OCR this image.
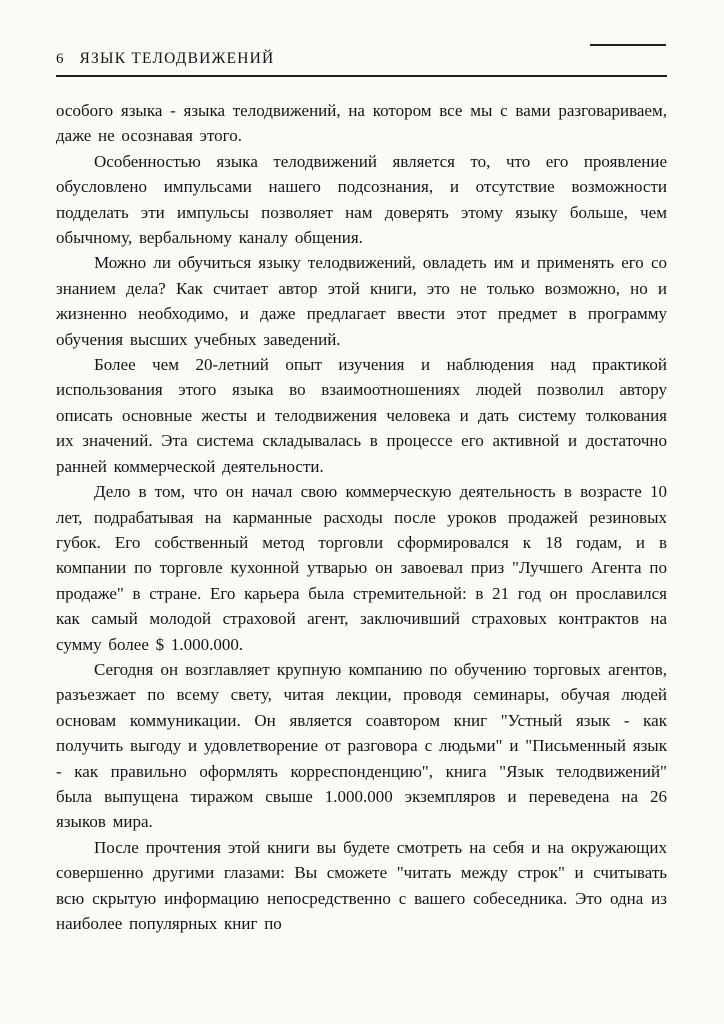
6 ЯЗЫК ТЕЛОДВИЖЕНИЙ

особого языка - языка телодвижений, на котором все мы с вами разговариваем, даже не осознавая этого.

Особенностью языка телодвижений является то, что его проявление обусловлено импульсами нашего подсознания, и отсутствие возможности подделать эти импульсы позволяет нам доверять этому языку больше, чем обычному, вербальному каналу общения.

Можно ли обучиться языку телодвижений, овладеть им и применять его со знанием дела? Как считает автор этой книги, это не только возможно, но и жизненно необходимо, и даже предлагает ввести этот предмет в программу обучения высших учебных заведений.

Более чем 20-летний опыт изучения и наблюдения над практикой использования этого языка во взаимоотношениях людей позволил автору описать основные жесты и телодвижения человека и дать систему толкования их значений. Эта система складывалась в процессе его активной и достаточно ранней коммерческой деятельности.

Дело в том, что он начал свою коммерческую деятельность в возрасте 10 лет, подрабатывая на карманные расходы после уроков продажей резиновых губок. Его собственный метод торговли сформировался к 18 годам, и в компании по торговле кухонной утварью он завоевал приз "Лучшего Агента по продаже" в стране. Его карьера была стремительной: в 21 год он прославился как самый молодой страховой агент, заключивший страховых контрактов на сумму более $ 1.000.000.

Сегодня он возглавляет крупную компанию по обучению торговых агентов, разъезжает по всему свету, читая лекции, проводя семинары, обучая людей основам коммуникации. Он является соавтором книг "Устный язык - как получить выгоду и удовлетворение от разговора с людьми" и "Письменный язык - как правильно оформлять корреспонденцию", книга "Язык телодвижений" была выпущена тиражом свыше 1.000.000 экземпляров и переведена на 26 языков мира.

После прочтения этой книги вы будете смотреть на себя и на окружающих совершенно другими глазами: Вы сможете "читать между строк" и считывать всю скрытую информацию непосредственно с вашего собеседника. Это одна из наиболее популярных книг по
